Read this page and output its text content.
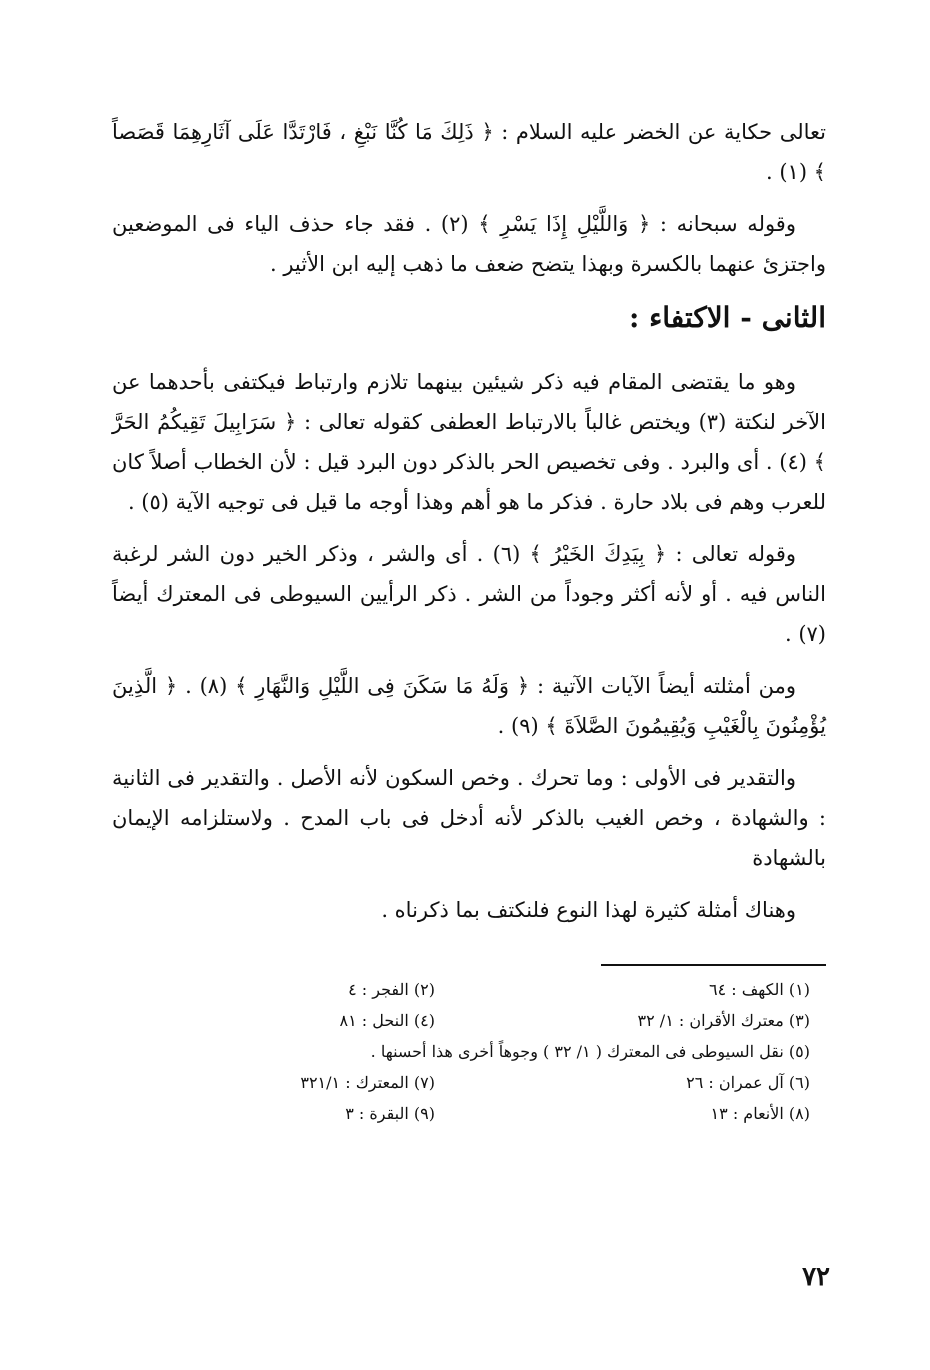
تعالى حكاية عن الخضر عليه السلام : ﴿ ذَلِكَ مَا كُنَّا نَبْغِ ، فَارْتَدَّا عَلَى آثَارِهِمَا قَصَصاً ﴾ (١) .

وقوله سبحانه : ﴿ وَاللَّيْلِ إِذَا يَسْرِ ﴾ (٢) . فقد جاء حذف الياء فى الموضعين واجتزئ عنهما بالكسرة وبهذا يتضح ضعف ما ذهب إليه ابن الأثير .

الثانى - الاكتفاء :

وهو ما يقتضى المقام فيه ذكر شيئين بينهما تلازم وارتباط فيكتفى بأحدهما عن الآخر لنكتة (٣) ويختص غالباً بالارتباط العطفى كقوله تعالى : ﴿ سَرَابِيلَ تَقِيكُمُ الحَرَّ ﴾ (٤) . أى والبرد . وفى تخصيص الحر بالذكر دون البرد قيل : لأن الخطاب أصلاً كان للعرب وهم فى بلاد حارة . فذكر ما هو أهم وهذا أوجه ما قيل فى توجيه الآية (٥) .

وقوله تعالى : ﴿ بِيَدِكَ الخَيْرُ ﴾ (٦) . أى والشر ، وذكر الخير دون الشر لرغبة الناس فيه . أو لأنه أكثر وجوداً من الشر . ذكر الرأيين السيوطى فى المعترك أيضاً (٧) .

ومن أمثلته أيضاً الآيات الآتية : ﴿ وَلَهُ مَا سَكَنَ فِى اللَّيْلِ وَالنَّهَارِ ﴾ (٨) . ﴿ الَّذِينَ يُؤْمِنُونَ بِالْغَيْبِ وَيُقِيمُونَ الصَّلاَةَ ﴾ (٩) .

والتقدير فى الأولى : وما تحرك . وخص السكون لأنه الأصل . والتقدير فى الثانية : والشهادة ، وخص الغيب بالذكر لأنه أدخل فى باب المدح . ولاستلزامه الإيمان بالشهادة

وهناك أمثلة كثيرة لهذا النوع فلنكتف بما ذكرناه .

(١) الكهف : ٦٤
(٢) الفجر : ٤
(٣) معترك الأقران : ١/ ٣٢
(٤) النحل : ٨١
(٥) نقل السيوطى فى المعترك ( ١/ ٣٢ ) وجوهاً أخرى هذا أحسنها .
(٦) آل عمران : ٢٦
(٧) المعترك : ٣٢١/١
(٨) الأنعام : ١٣
(٩) البقرة : ٣
٧٢
